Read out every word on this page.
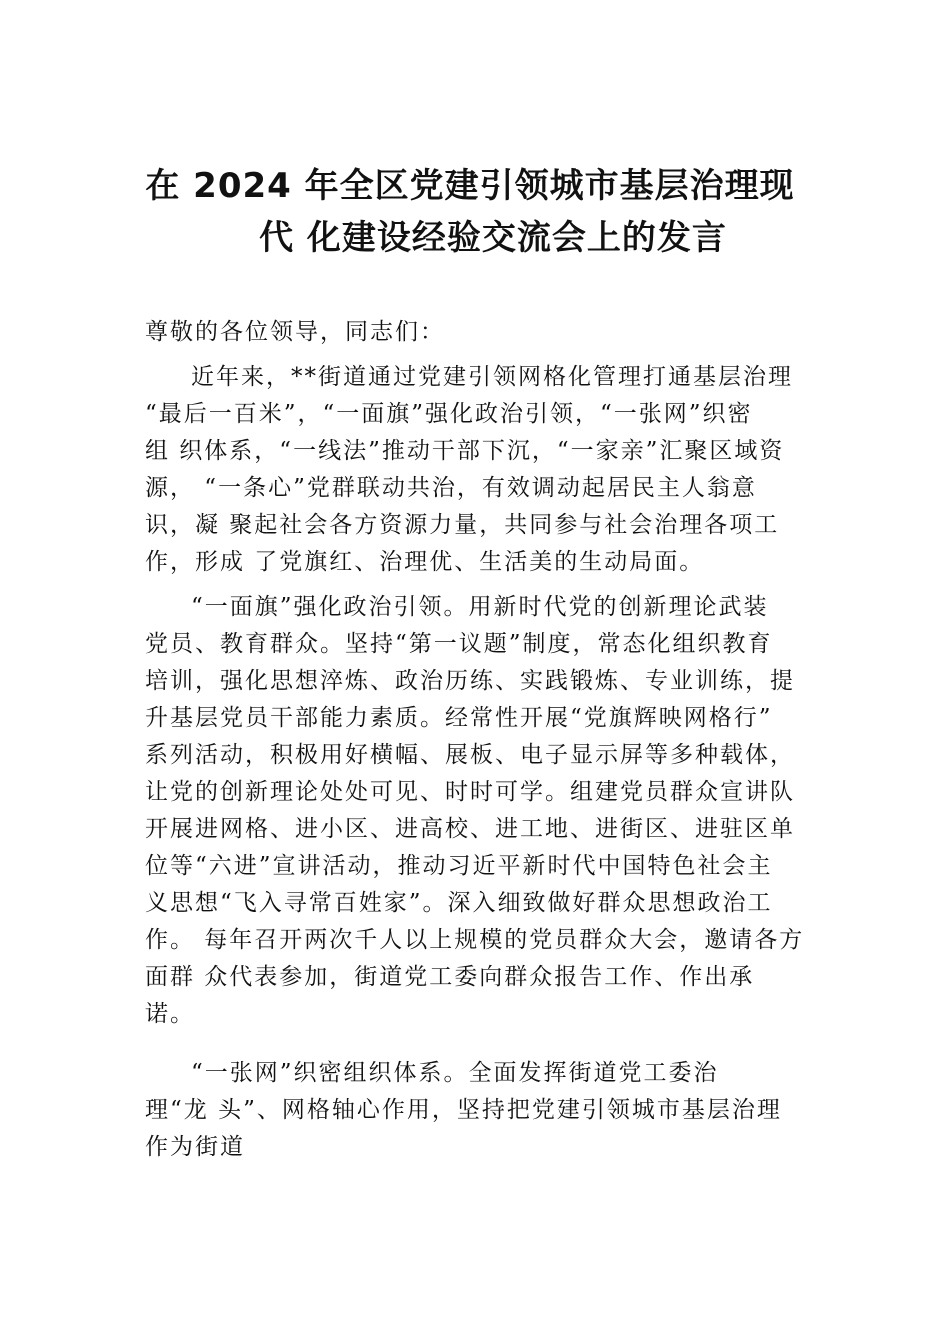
在 2024 年全区党建引领城市基层治理现
代 化建设经验交流会上的发言
尊敬的各位领导，同志们：
近年来，**街道通过党建引领网格化管理打通基层治理
“最后一百米”，“一面旗”强化政治引领，“一张网”织密
组 织体系，“一线法”推动干部下沉，“一家亲”汇聚区域资
源， “一条心”党群联动共治，有效调动起居民主人翁意
识，凝 聚起社会各方资源力量，共同参与社会治理各项工
作，形成 了党旗红、治理优、生活美的生动局面。
“一面旗”强化政治引领。用新时代党的创新理论武装
党员、教育群众。坚持“第一议题”制度，常态化组织教育
培训，强化思想淬炼、政治历练、实践锻炼、专业训练，提
升基层党员干部能力素质。经常性开展“党旗辉映网格行”
系列活动，积极用好横幅、展板、电子显示屏等多种载体，
让党的创新理论处处可见、时时可学。组建党员群众宣讲队
开展进网格、进小区、进高校、进工地、进街区、进驻区单
位等“六进”宣讲活动，推动习近平新时代中国特色社会主
义思想“飞入寻常百姓家”。深入细致做好群众思想政治工
作。 每年召开两次千人以上规模的党员群众大会，邀请各方
面群 众代表参加，街道党工委向群众报告工作、作出承
诺。
“一张网”织密组织体系。全面发挥街道党工委治
理“龙 头”、网格轴心作用，坚持把党建引领城市基层治理
作为街道
